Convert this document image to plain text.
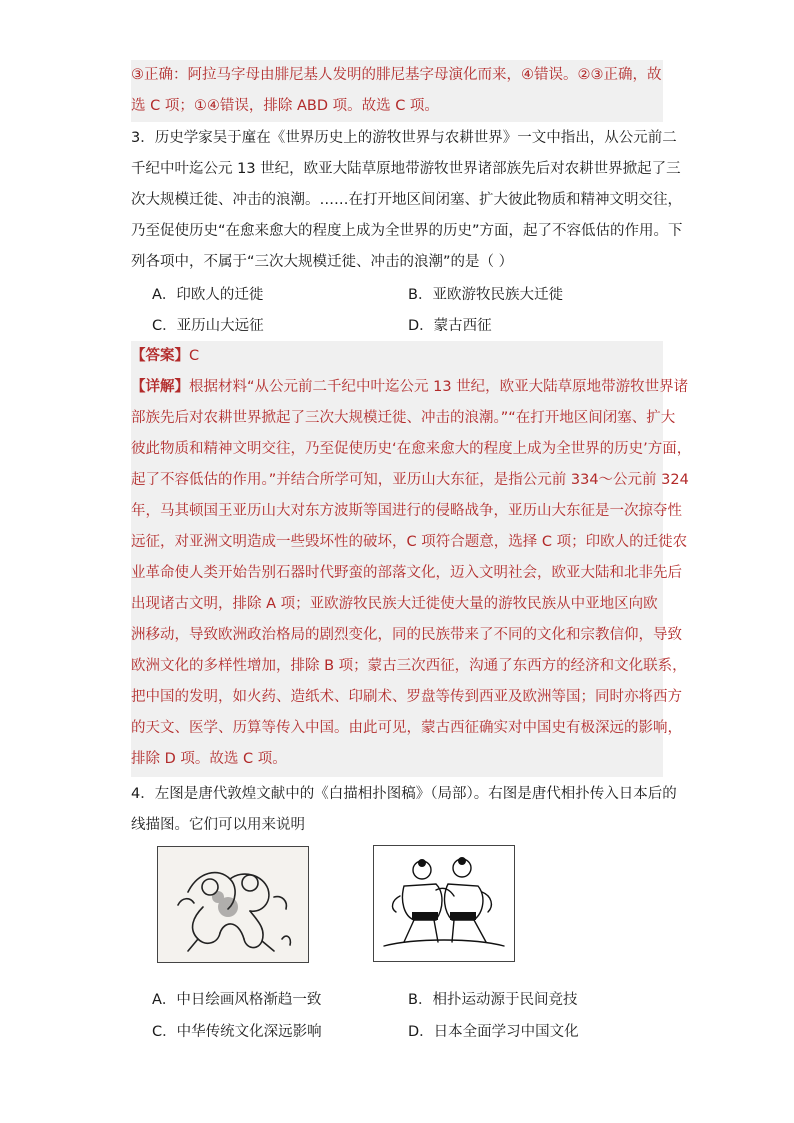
③正确：阿拉马字母由腓尼基人发明的腓尼基字母演化而来，④错误。②③正确，故

选 C 项；①④错误，排除 ABD 项。故选 C 项。

3．历史学家吴于廑在《世界历史上的游牧世界与农耕世界》一文中指出，从公元前二

千纪中叶迄公元 13 世纪，欧亚大陆草原地带游牧世界诸部族先后对农耕世界掀起了三

次大规模迁徙、冲击的浪潮。……在打开地区间闭塞、扩大彼此物质和精神文明交往，

乃至促使历史“在愈来愈大的程度上成为全世界的历史”方面，起了不容低估的作用。下

列各项中，不属于“三次大规模迁徙、冲击的浪潮”的是（ ）

A．印欧人的迁徙	B．亚欧游牧民族大迁徙
C．亚历山大远征	D．蒙古西征

【答案】C

【详解】根据材料“从公元前二千纪中叶迄公元 13 世纪，欧亚大陆草原地带游牧世界诸

部族先后对农耕世界掀起了三次大规模迁徙、冲击的浪潮。”“在打开地区间闭塞、扩大

彼此物质和精神文明交往，乃至促使历史‘在愈来愈大的程度上成为全世界的历史’方面，

起了不容低估的作用。”并结合所学可知，亚历山大东征，是指公元前 334～公元前 324

年，马其顿国王亚历山大对东方波斯等国进行的侵略战争，亚历山大东征是一次掠夺性

远征，对亚洲文明造成一些毁坏性的破坏，C 项符合题意，选择 C 项；印欧人的迁徙农

业革命使人类开始告别石器时代野蛮的部落文化，迈入文明社会，欧亚大陆和北非先后

出现诸古文明，排除 A 项；亚欧游牧民族大迁徙使大量的游牧民族从中亚地区向欧

洲移动，导致欧洲政治格局的剧烈变化，同的民族带来了不同的文化和宗教信仰，导致

欧洲文化的多样性增加，排除 B 项；蒙古三次西征，沟通了东西方的经济和文化联系，

把中国的发明，如火药、造纸术、印刷术、罗盘等传到西亚及欧洲等国；同时亦将西方

的天文、医学、历算等传入中国。由此可见，蒙古西征确实对中国史有极深远的影响，

排除 D 项。故选 C 项。

4．左图是唐代敦煌文献中的《白描相扑图稿》（局部）。右图是唐代相扑传入日本后的

线描图。它们可以用来说明

A．中日绘画风格渐趋一致	B．相扑运动源于民间竞技
C．中华传统文化深远影响	D．日本全面学习中国文化
